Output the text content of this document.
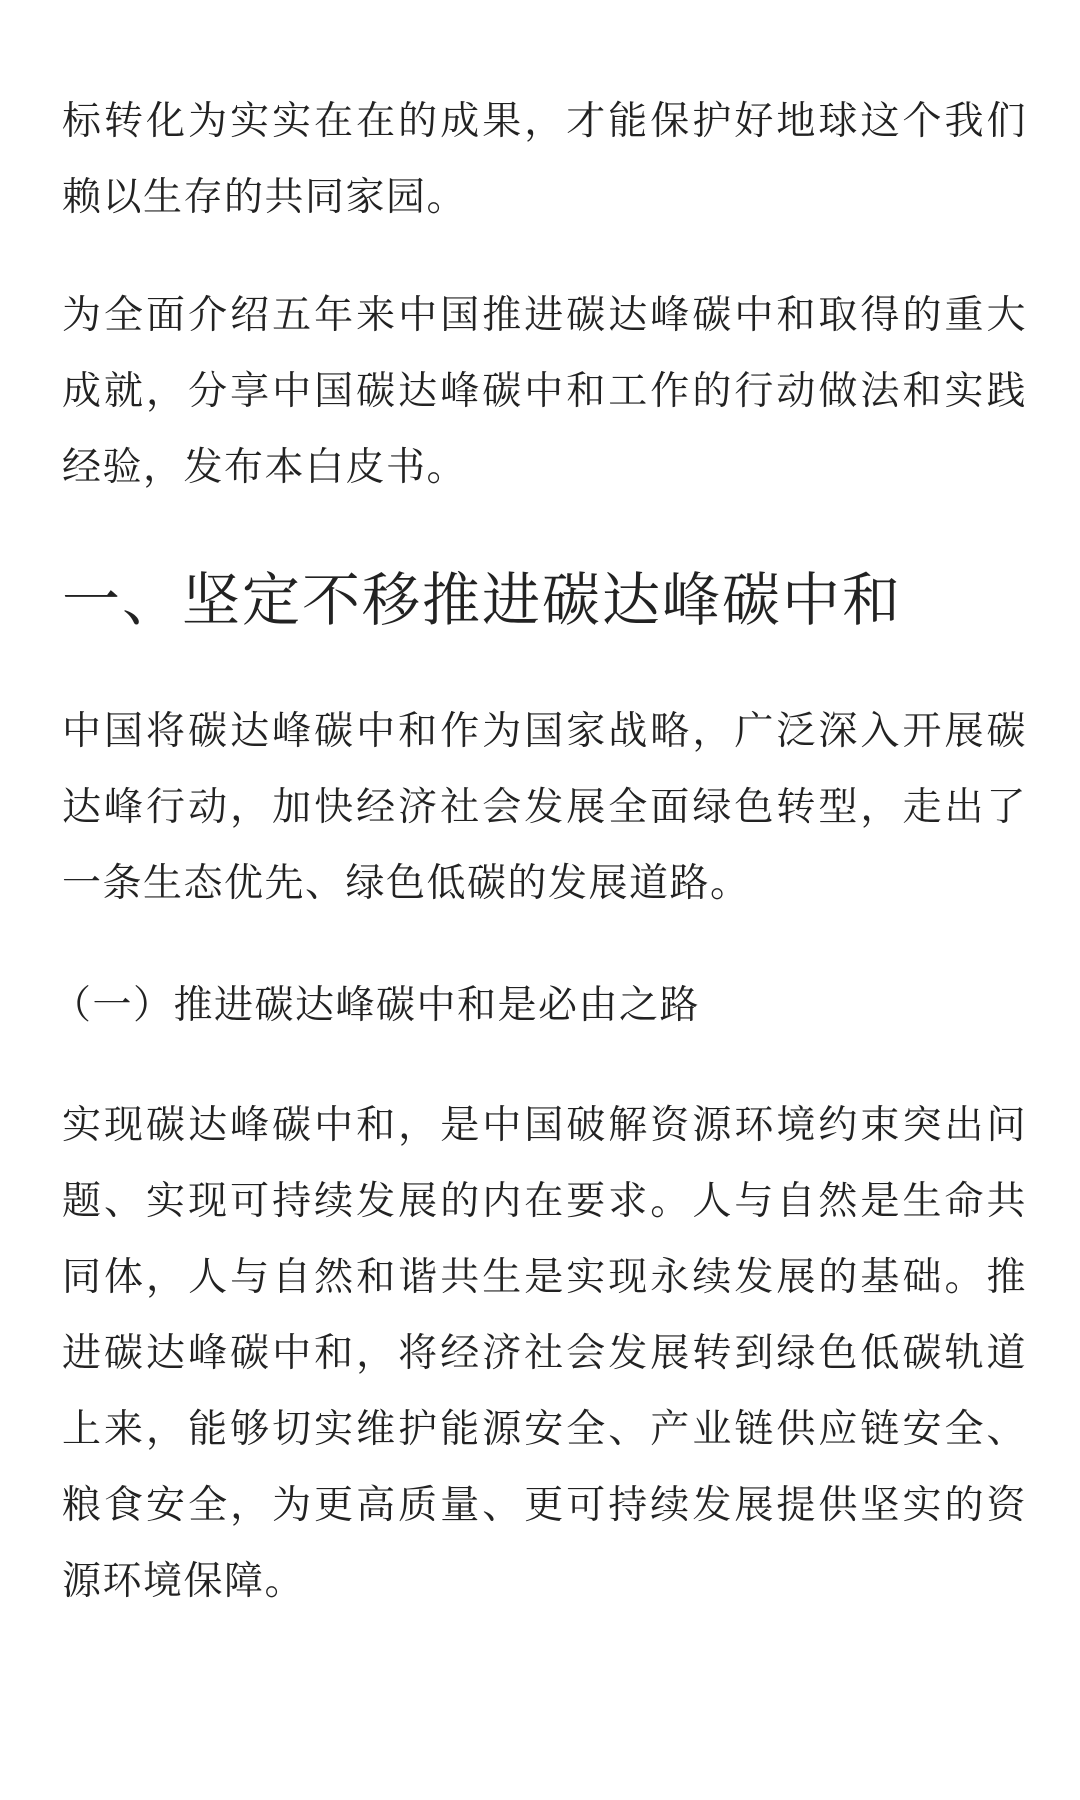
标转化为实实在在的成果，才能保护好地球这个我们赖以生存的共同家园。

为全面介绍五年来中国推进碳达峰碳中和取得的重大成就，分享中国碳达峰碳中和工作的行动做法和实践经验，发布本白皮书。

一、坚定不移推进碳达峰碳中和

中国将碳达峰碳中和作为国家战略，广泛深入开展碳达峰行动，加快经济社会发展全面绿色转型，走出了一条生态优先、绿色低碳的发展道路。

（一）推进碳达峰碳中和是必由之路

实现碳达峰碳中和，是中国破解资源环境约束突出问题、实现可持续发展的内在要求。人与自然是生命共同体，人与自然和谐共生是实现永续发展的基础。推进碳达峰碳中和，将经济社会发展转到绿色低碳轨道上来，能够切实维护能源安全、产业链供应链安全、粮食安全，为更高质量、更可持续发展提供坚实的资源环境保障。
